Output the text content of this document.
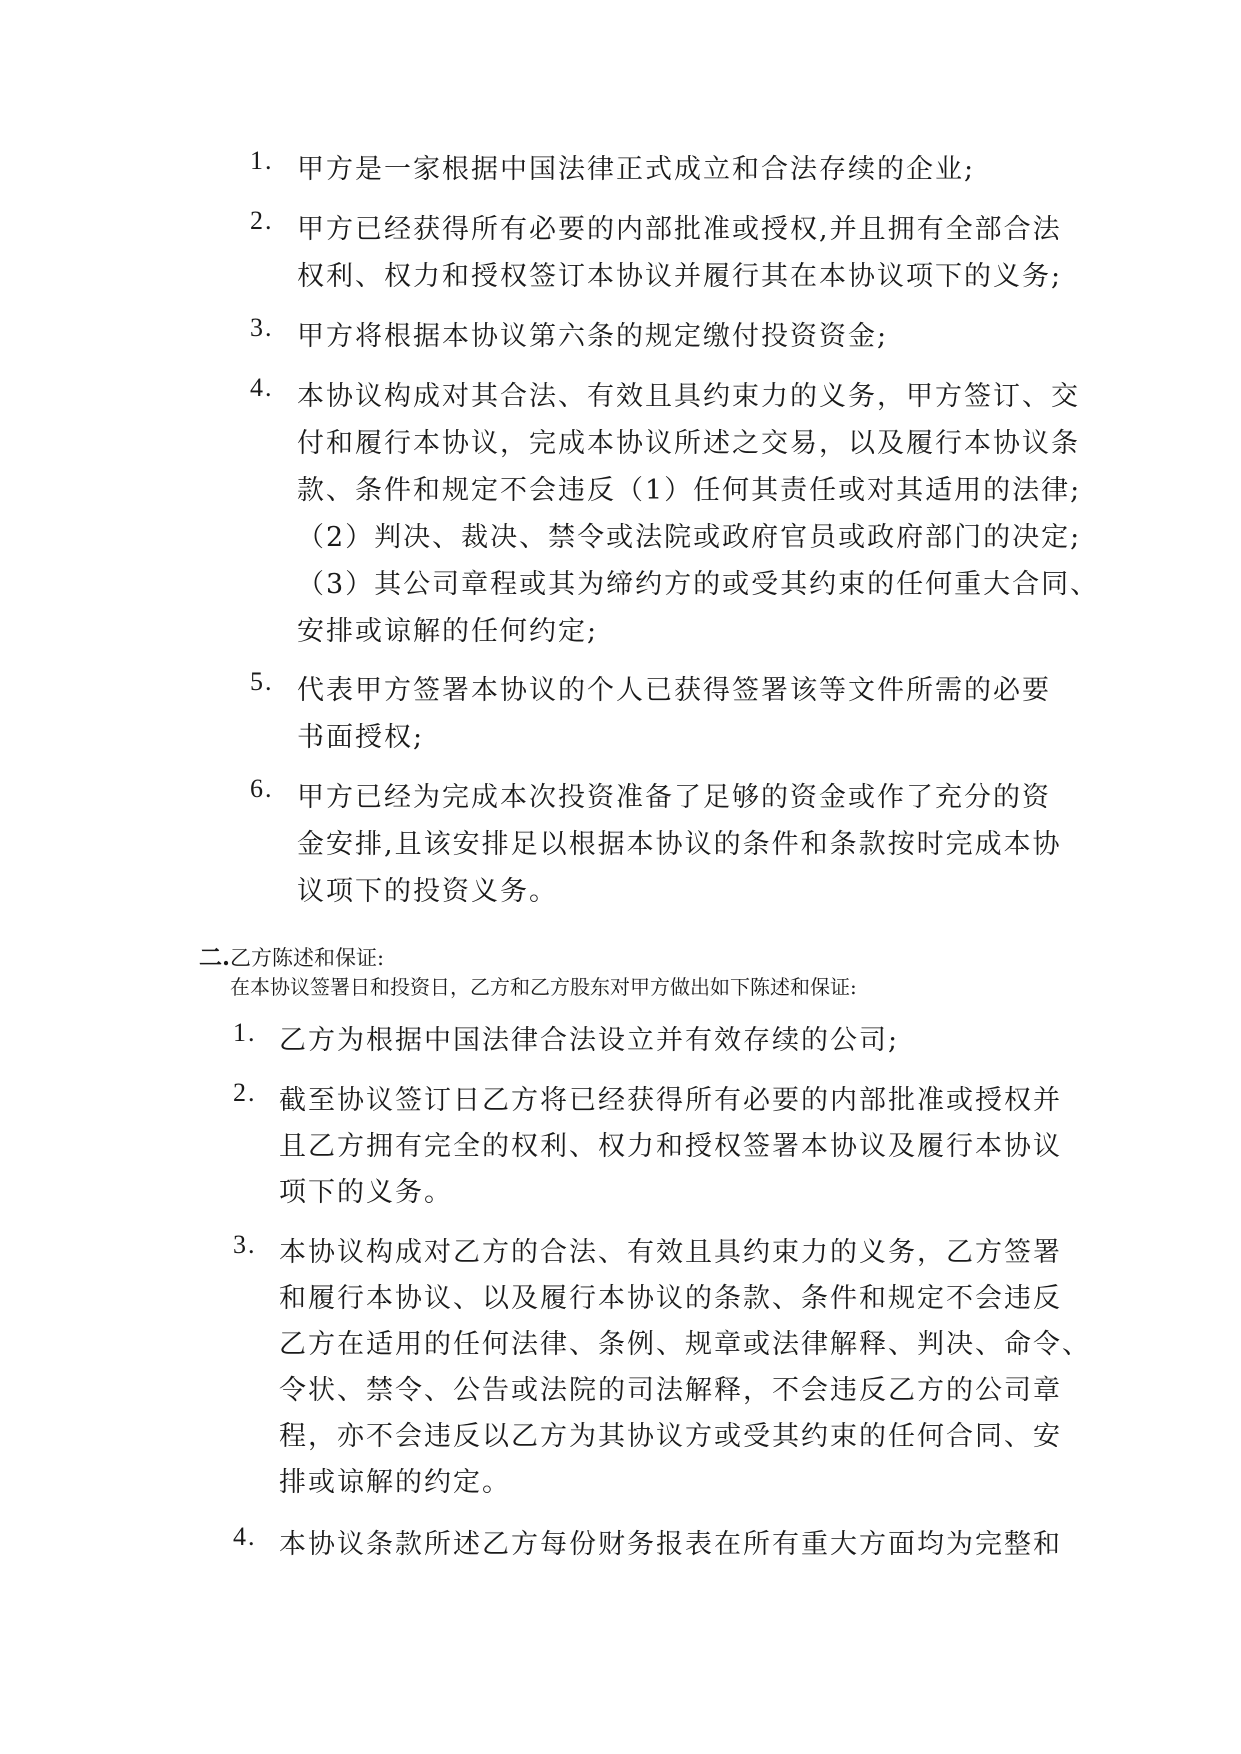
1. 甲方是一家根据中国法律正式成立和合法存续的企业;
2. 甲方已经获得所有必要的内部批准或授权,并且拥有全部合法
权利、权力和授权签订本协议并履行其在本协议项下的义务;
3. 甲方将根据本协议第六条的规定缴付投资资金;
4. 本协议构成对其合法、有效且具约束力的义务，甲方签订、交
付和履行本协议，完成本协议所述之交易，以及履行本协议条
款、条件和规定不会违反（1）任何其责任或对其适用的法律;
（2）判决、裁决、禁令或法院或政府官员或政府部门的决定;
（3）其公司章程或其为缔约方的或受其约束的任何重大合同、
安排或谅解的任何约定;
5. 代表甲方签署本协议的个人已获得签署该等文件所需的必要
书面授权;
6. 甲方已经为完成本次投资准备了足够的资金或作了充分的资
金安排,且该安排足以根据本协议的条件和条款按时完成本协
议项下的投资义务。
二.乙方陈述和保证:
在本协议签署日和投资日，乙方和乙方股东对甲方做出如下陈述和保证:
1. 乙方为根据中国法律合法设立并有效存续的公司;
2. 截至协议签订日乙方将已经获得所有必要的内部批准或授权并
且乙方拥有完全的权利、权力和授权签署本协议及履行本协议
项下的义务。
3. 本协议构成对乙方的合法、有效且具约束力的义务，乙方签署
和履行本协议、以及履行本协议的条款、条件和规定不会违反
乙方在适用的任何法律、条例、规章或法律解释、判决、命令、
令状、禁令、公告或法院的司法解释，不会违反乙方的公司章
程，亦不会违反以乙方为其协议方或受其约束的任何合同、安
排或谅解的约定。
4. 本协议条款所述乙方每份财务报表在所有重大方面均为完整和
